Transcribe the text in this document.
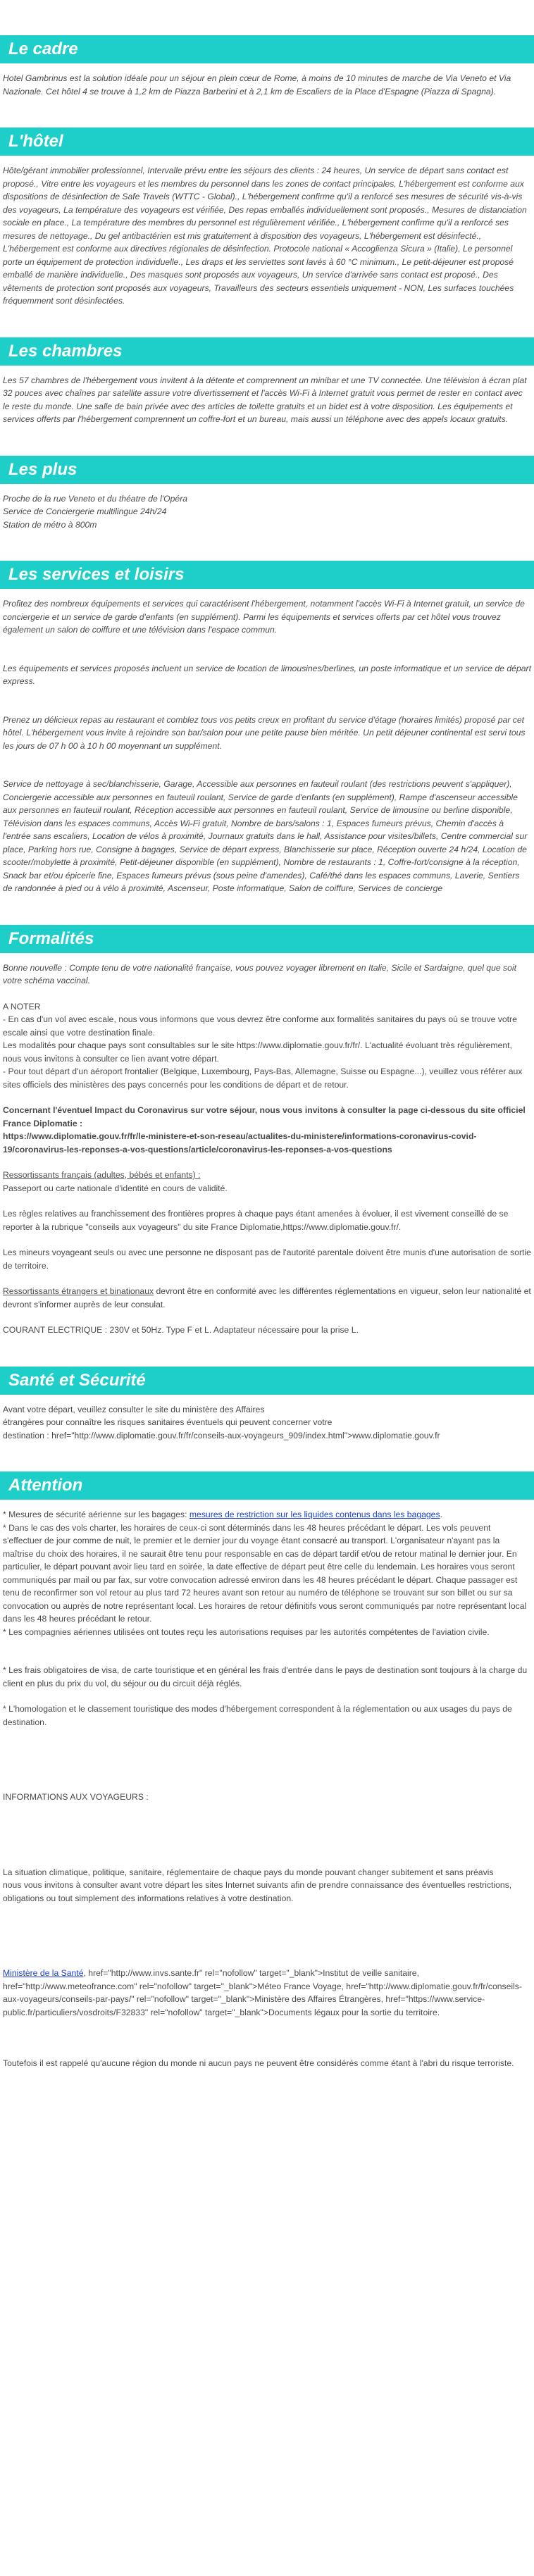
Le cadre

Hotel Gambrinus est la solution idéale pour un séjour en plein cœur de Rome, à moins de 10 minutes de marche de Via Veneto et Via Nazionale. Cet hôtel 4 se trouve à 1,2 km de Piazza Barberini et à 2,1 km de Escaliers de la Place d'Espagne (Piazza di Spagna).

L'hôtel

Hôte/gérant immobilier professionnel, Intervalle prévu entre les séjours des clients : 24 heures, Un service de départ sans contact est proposé., Vitre entre les voyageurs et les membres du personnel dans les zones de contact principales, L'hébergement est conforme aux dispositions de désinfection de Safe Travels (WTTC - Global)., L'hébergement confirme qu'il a renforcé ses mesures de sécurité vis-à-vis des voyageurs, La température des voyageurs est vérifiée, Des repas emballés individuellement sont proposés., Mesures de distanciation sociale en place., La température des membres du personnel est régulièrement vérifiée., L'hébergement confirme qu'il a renforcé ses mesures de nettoyage., Du gel antibactérien est mis gratuitement à disposition des voyageurs, L'hébergement est désinfecté., L'hébergement est conforme aux directives régionales de désinfection. Protocole national « Accoglienza Sicura » (Italie), Le personnel porte un équipement de protection individuelle., Les draps et les serviettes sont lavés à 60 °C minimum., Le petit-déjeuner est proposé emballé de manière individuelle., Des masques sont proposés aux voyageurs, Un service d'arrivée sans contact est proposé., Des vêtements de protection sont proposés aux voyageurs, Travailleurs des secteurs essentiels uniquement - NON, Les surfaces touchées fréquemment sont désinfectées.

Les chambres

Les 57 chambres de l'hébergement vous invitent à la détente et comprennent un minibar et une TV connectée. Une télévision à écran plat 32 pouces avec chaînes par satellite assure votre divertissement et l'accès Wi-Fi à Internet gratuit vous permet de rester en contact avec le reste du monde. Une salle de bain privée avec des articles de toilette gratuits et un bidet est à votre disposition. Les équipements et services offerts par l'hébergement comprennent un coffre-fort et un bureau, mais aussi un téléphone avec des appels locaux gratuits.

Les plus

Proche de la rue Veneto et du théatre de l'Opéra

Service de Conciergerie multilingue 24h/24

Station de métro à 800m

Les services et loisirs

Profitez des nombreux équipements et services qui caractérisent l'hébergement, notamment l'accès Wi-Fi à Internet gratuit, un service de conciergerie et un service de garde d'enfants (en supplément). Parmi les équipements et services offerts par cet hôtel vous trouvez également un salon de coiffure et une télévision dans l'espace commun.

Les équipements et services proposés incluent un service de location de limousines/berlines, un poste informatique et un service de départ express.

Prenez un délicieux repas au restaurant et comblez tous vos petits creux en profitant du service d'étage (horaires limités) proposé par cet hôtel. L'hébergement vous invite à rejoindre son bar/salon pour une petite pause bien méritée. Un petit déjeuner continental est servi tous les jours de 07 h 00 à 10 h 00 moyennant un supplément.

Service de nettoyage à sec/blanchisserie, Garage, Accessible aux personnes en fauteuil roulant (des restrictions peuvent s'appliquer), Conciergerie accessible aux personnes en fauteuil roulant, Service de garde d'enfants (en supplément), Rampe d'ascenseur accessible aux personnes en fauteuil roulant, Réception accessible aux personnes en fauteuil roulant, Service de limousine ou berline disponible, Télévision dans les espaces communs, Accès Wi-Fi gratuit, Nombre de bars/salons : 1, Espaces fumeurs prévus, Chemin d'accès à l'entrée sans escaliers, Location de vélos à proximité, Journaux gratuits dans le hall, Assistance pour visites/billets, Centre commercial sur place, Parking hors rue, Consigne à bagages, Service de départ express, Blanchisserie sur place, Réception ouverte 24 h/24, Location de scooter/mobylette à proximité, Petit-déjeuner disponible (en supplément), Nombre de restaurants : 1, Coffre-fort/consigne à la réception, Snack bar et/ou épicerie fine, Espaces fumeurs prévus (sous peine d'amendes), Café/thé dans les espaces communs, Laverie, Sentiers de randonnée à pied ou à vélo à proximité, Ascenseur, Poste informatique, Salon de coiffure, Services de concierge

Formalités

Bonne nouvelle : Compte tenu de votre nationalité française, vous pouvez voyager librement en Italie, Sicile et Sardaigne, quel que soit votre schéma vaccinal.

A NOTER

- En cas d'un vol avec escale, nous vous informons que vous devrez être conforme aux formalités sanitaires du pays où se trouve votre escale ainsi que votre destination finale.

Les modalités pour chaque pays sont consultables sur le site https://www.diplomatie.gouv.fr/fr/. L'actualité évoluant très régulièrement, nous vous invitons à consulter ce lien avant votre départ.

- Pour tout départ d'un aéroport frontalier (Belgique, Luxembourg, Pays-Bas, Allemagne, Suisse ou Espagne...), veuillez vous référer aux sites officiels des ministères des pays concernés pour les conditions de départ et de retour.

Concernant l'éventuel Impact du Coronavirus sur votre séjour, nous vous invitons à consulter la page ci-dessous du site officiel France Diplomatie :

https://www.diplomatie.gouv.fr/fr/le-ministere-et-son-reseau/actualites-du-ministere/informations-coronavirus-covid-19/coronavirus-les-reponses-a-vos-questions/article/coronavirus-les-reponses-a-vos-questions

Ressortissants français (adultes, bébés et enfants) :

Passeport ou carte nationale d'identité en cours de validité.

Les règles relatives au franchissement des frontières propres à chaque pays étant amenées à évoluer, il est vivement conseillé de se reporter à la rubrique "conseils aux voyageurs" du site France Diplomatie,https://www.diplomatie.gouv.fr/.

Les mineurs voyageant seuls ou avec une personne ne disposant pas de l'autorité parentale doivent être munis d'une autorisation de sortie de territoire.

Ressortissants étrangers et binationaux devront être en conformité avec les différentes réglementations en vigueur, selon leur nationalité et devront s'informer auprès de leur consulat.

COURANT ELECTRIQUE : 230V et 50Hz. Type F et L. Adaptateur nécessaire pour la prise L.

Santé et Sécurité

Avant votre départ, veuillez consulter le site du ministère des Affaires

étrangères pour connaître les risques sanitaires éventuels qui peuvent concerner votre

destination : href="http://www.diplomatie.gouv.fr/fr/conseils-aux-voyageurs_909/index.html">www.diplomatie.gouv.fr

Attention

* Mesures de sécurité aérienne sur les bagages: mesures de restriction sur les liquides contenus dans les bagages.

* Dans le cas des vols charter, les horaires de ceux-ci sont déterminés dans les 48 heures précédant le départ. Les vols peuvent s'effectuer de jour comme de nuit, le premier et le dernier jour du voyage étant consacré au transport. L'organisateur n'ayant pas la maîtrise du choix des horaires, il ne saurait être tenu pour responsable en cas de départ tardif et/ou de retour matinal le dernier jour. En particulier, le départ pouvant avoir lieu tard en soirée, la date effective de départ peut être celle du lendemain. Les horaires vous seront communiqués par mail ou par fax, sur votre convocation adressé environ dans les 48 heures précédant le départ. Chaque passager est tenu de reconfirmer son vol retour au plus tard 72 heures avant son retour au numéro de téléphone se trouvant sur son billet ou sur sa convocation ou auprès de notre représentant local. Les horaires de retour définitifs vous seront communiqués par notre représentant local dans les 48 heures précédant le retour.

* Les compagnies aériennes utilisées ont toutes reçu les autorisations requises par les autorités compétentes de l'aviation civile.

* Les frais obligatoires de visa, de carte touristique et en général les frais d'entrée dans le pays de destination sont toujours à la charge du client en plus du prix du vol, du séjour ou du circuit déjà réglés.

* L'homologation et le classement touristique des modes d'hébergement correspondent à la réglementation ou aux usages du pays de destination.

INFORMATIONS AUX VOYAGEURS :

La situation climatique, politique, sanitaire, réglementaire de chaque pays du monde pouvant changer subitement et sans préavis

nous vous invitons à consulter avant votre départ les sites Internet suivants afin de prendre connaissance des éventuelles restrictions, obligations ou tout simplement des informations relatives à votre destination.

Ministère de la Santé, href="http://www.invs.sante.fr" rel="nofollow" target="_blank">Institut de veille sanitaire, href="http://www.meteofrance.com" rel="nofollow" target="_blank">Méteo France Voyage, href="http://www.diplomatie.gouv.fr/fr/conseils-aux-voyageurs/conseils-par-pays/" rel="nofollow" target="_blank">Ministère des Affaires Étrangères, href="https://www.service-public.fr/particuliers/vosdroits/F32833" rel="nofollow" target="_blank">Documents légaux pour la sortie du territoire.

Toutefois il est rappelé qu'aucune région du monde ni aucun pays ne peuvent être considérés comme étant à l'abri du risque terroriste.
